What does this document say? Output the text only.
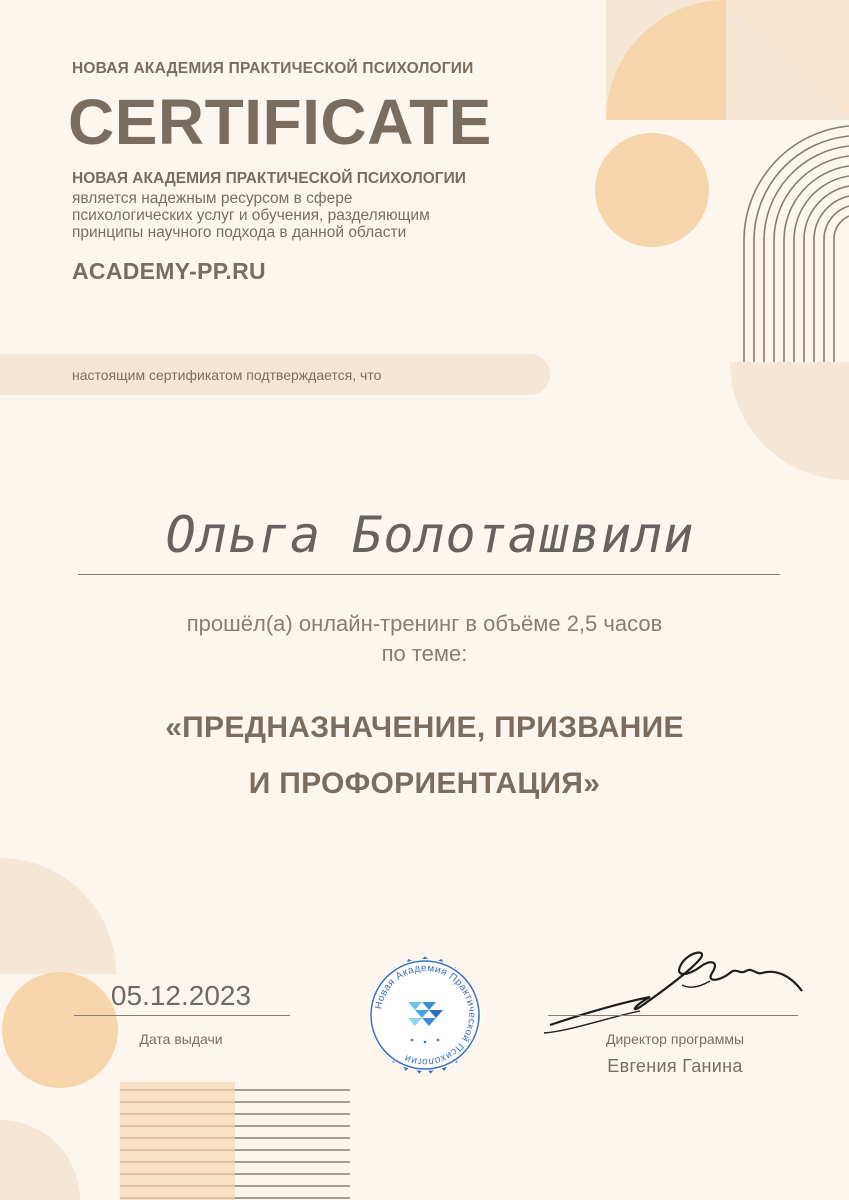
НОВАЯ АКАДЕМИЯ ПРАКТИЧЕСКОЙ ПСИХОЛОГИИ
CERTIFICATE
НОВАЯ АКАДЕМИЯ ПРАКТИЧЕСКОЙ ПСИХОЛОГИИ
является надежным ресурсом в сфере
психологических услуг и обучения, разделяющим
принципы научного подхода в данной области
ACADEMY-PP.RU
настоящим сертификатом подтверждается, что
Ольга Болоташвили
прошёл(а) онлайн-тренинг в объёме 2,5 часов
по теме:
«ПРЕДНАЗНАЧЕНИЕ, ПРИЗВАНИЕ
И ПРОФОРИЕНТАЦИЯ»
05.12.2023
Дата выдачи
Новая Академия Практической Психологии
Директор программы
Евгения Ганина
